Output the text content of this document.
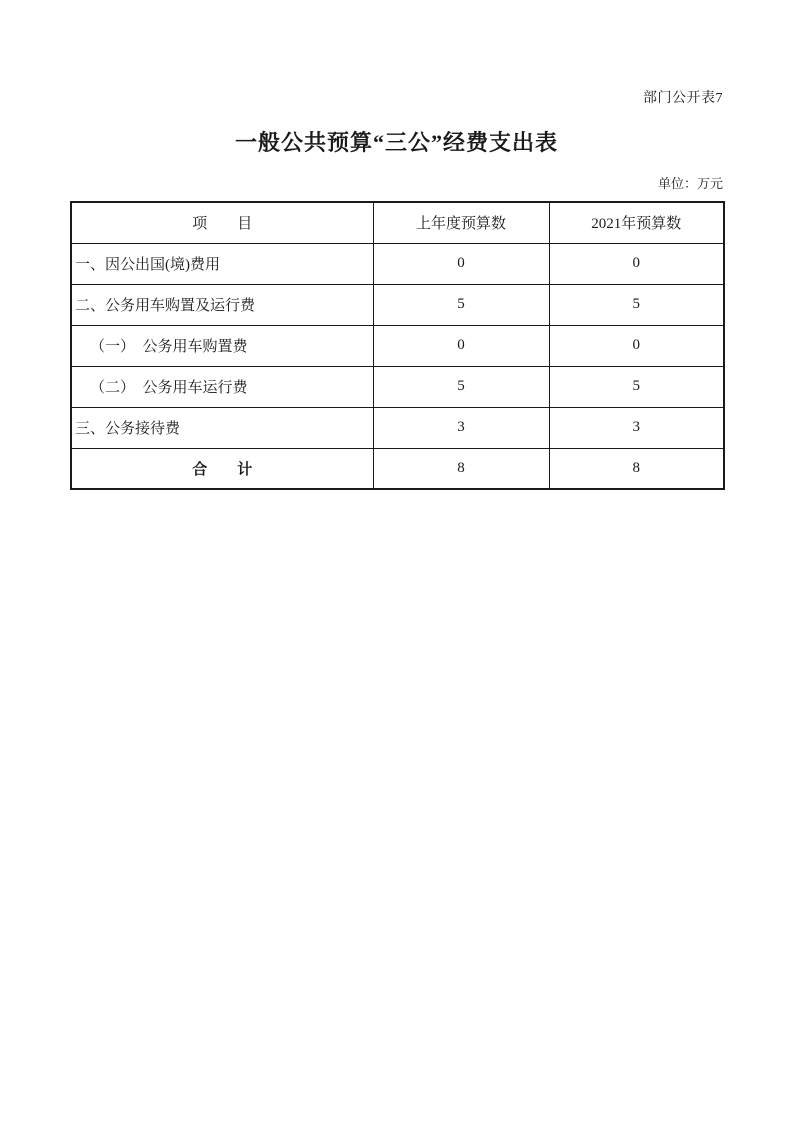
部门公开表7
一般公共预算“三公”经费支出表
单位：万元
项　　目	上年度预算数	2021年预算数
一、因公出国(境)费用	0	0
二、公务用车购置及运行费	5	5
（一）　公务用车购置费	0	0
（二）　公务用车运行费	5	5
三、公务接待费	3	3
合　　计	8	8
